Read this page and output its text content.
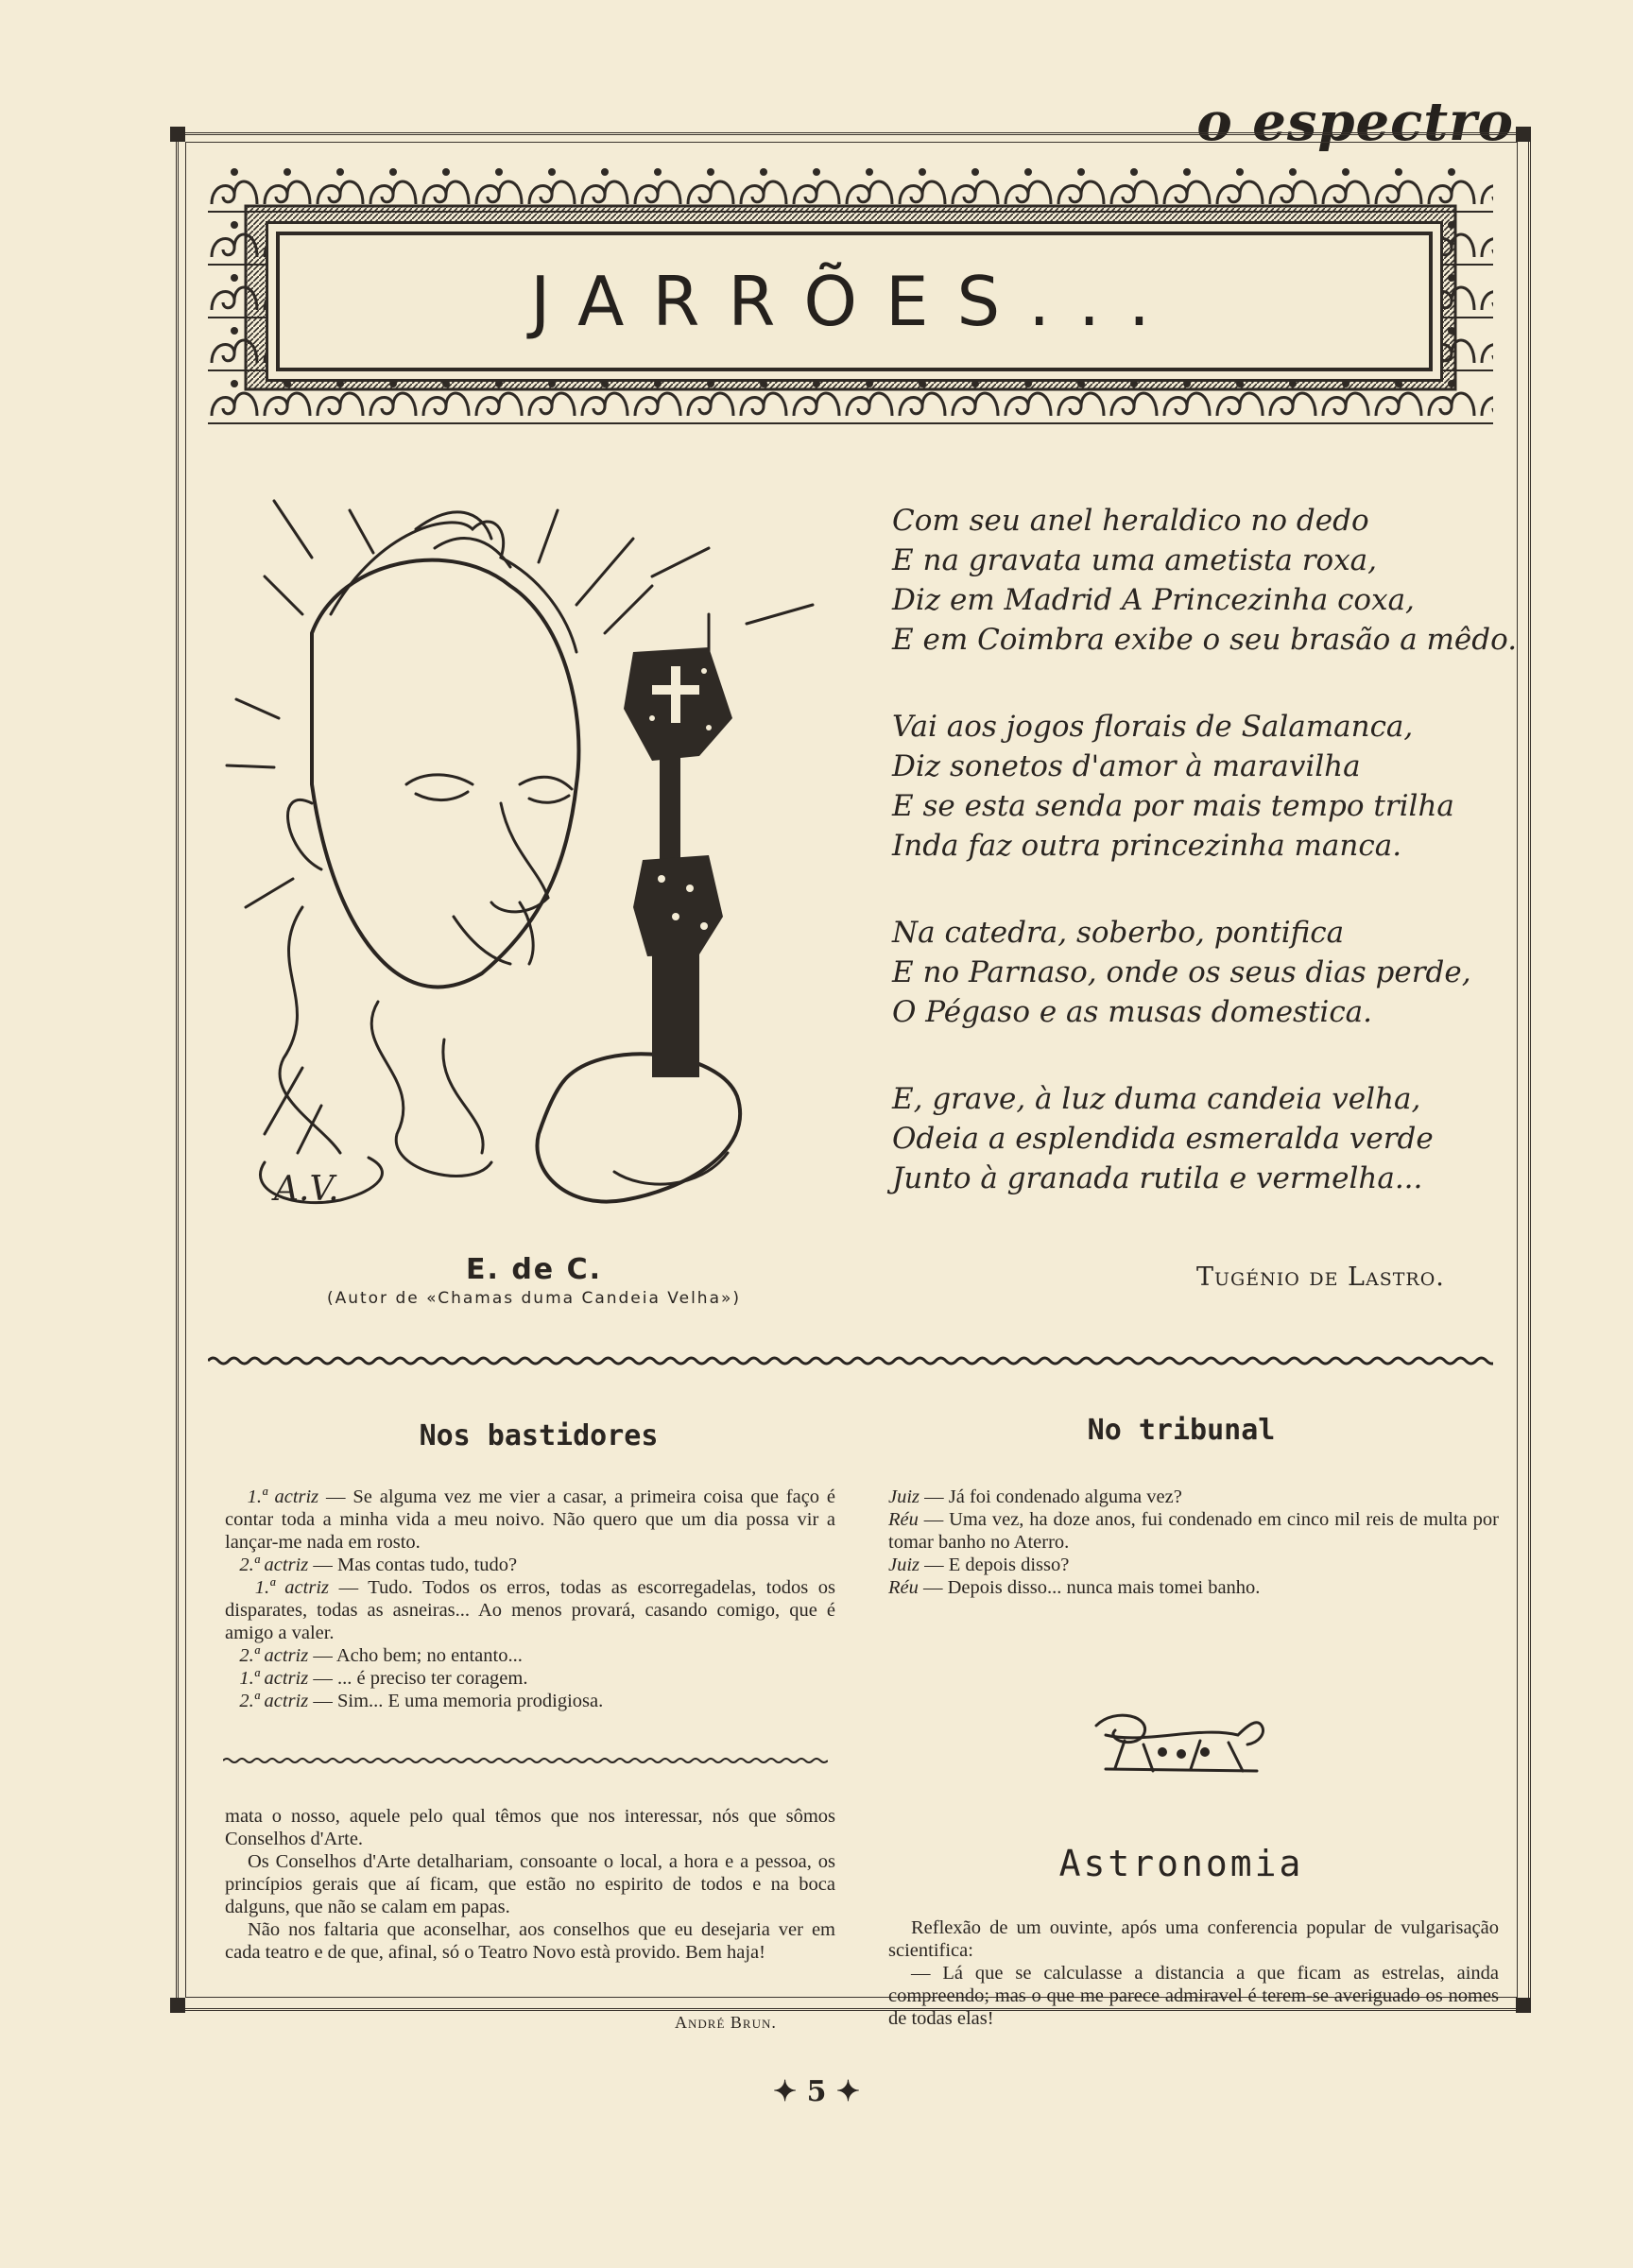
o espectro
JARRÕES...
A.V.
E. de C.
(Autor de «Chamas duma Candeia Velha»)
Com seu anel heraldico no dedo
E na gravata uma ametista roxa,
Diz em Madrid A Princezinha coxa,
E em Coimbra exibe o seu brasão a mêdo.
Vai aos jogos florais de Salamanca,
Diz sonetos d'amor à maravilha
E se esta senda por mais tempo trilha
Inda faz outra princezinha manca.
Na catedra, soberbo, pontifica
E no Parnaso, onde os seus dias perde,
O Pégaso e as musas domestica.
E, grave, à luz duma candeia velha,
Odeia a esplendida esmeralda verde
Junto à granada rutila e vermelha...
Tugénio de Lastro.
Nos bastidores
1.ª actriz — Se alguma vez me vier a casar, a primeira coisa que faço é contar toda a minha vida a meu noivo. Não quero que um dia possa vir a lançar-me nada em rosto.
2.ª actriz — Mas contas tudo, tudo?
1.ª actriz — Tudo. Todos os erros, todas as escorregadelas, todos os disparates, todas as asneiras... Ao menos provará, casando comigo, que é amigo a valer.
2.ª actriz — Acho bem; no entanto...
1.ª actriz — ... é preciso ter coragem.
2.ª actriz — Sim... E uma memoria prodigiosa.
mata o nosso, aquele pelo qual têmos que nos interessar, nós que sômos Conselhos d'Arte.
Os Conselhos d'Arte detalhariam, consoante o local, a hora e a pessoa, os princípios gerais que aí ficam, que estão no espirito de todos e na boca dalguns, que não se calam em papas.
Não nos faltaria que aconselhar, aos conselhos que eu desejaria ver em cada teatro e de que, afinal, só o Teatro Novo està provido. Bem haja!
André Brun.
No tribunal
Juiz — Já foi condenado alguma vez?
Réu — Uma vez, ha doze anos, fui condenado em cinco mil reis de multa por tomar banho no Aterro.
Juiz — E depois disso?
Réu — Depois disso... nunca mais tomei banho.
Astronomia
Reflexão de um ouvinte, após uma conferencia popular de vulgarisação scientifica:
— Lá que se calculasse a distancia a que ficam as estrelas, ainda compreendo; mas o que me parece admiravel é terem-se averiguado os nomes de todas elas!
✦ 5 ✦
